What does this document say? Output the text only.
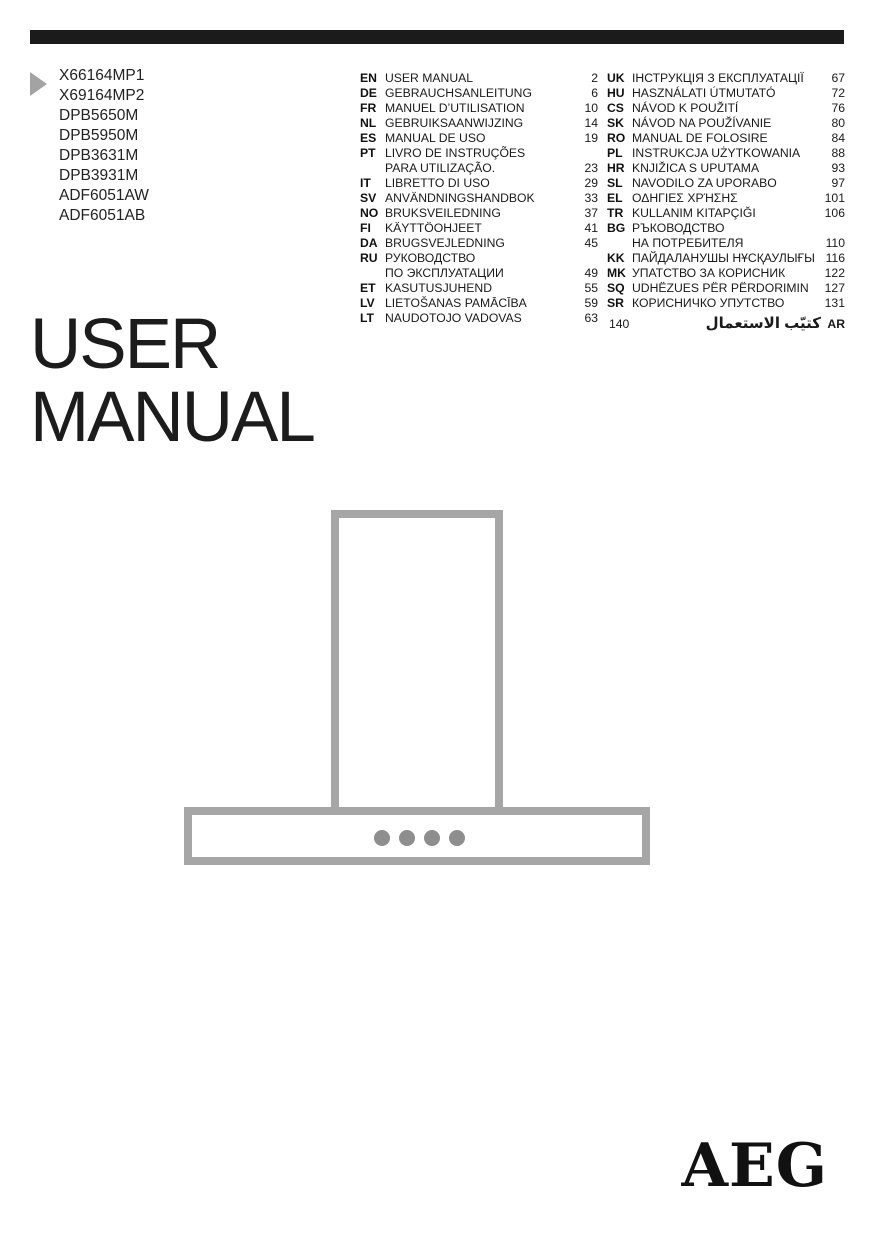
X66164MP1
X69164MP2
DPB5650M
DPB5950M
DPB3631M
DPB3931M
ADF6051AW
ADF6051AB
USER
MANUAL
EN USER MANUAL	2
DE GEBRAUCHSANLEITUNG	6
FR MANUEL D’UTILISATION	10
NL GEBRUIKSAANWIJZING	14
ES MANUAL DE USO	19
PT LIVRO DE INSTRUÇÕES
PARA UTILIZAÇÃO.	23
IT LIBRETTO DI USO	29
SV ANVÄNDNINGSHANDBOK	33
NO BRUKSVEILEDNING	37
FI KÄYTTÖOHJEET	41
DA BRUGSVEJLEDNING	45
RU РУКОВОДСТВО
ПО ЭКСПЛУАТАЦИИ	49
ET KASUTUSJUHEND	55
LV LIETOŠANAS PAMĀCĪBA	59
LT NAUDOTOJO VADOVAS	63
UK ІНСТРУКЦІЯ З ЕКСПЛУАТАЦІЇ 67
HU HASZNÁLATI ÚTMUTATÓ	72
CS NÁVOD K POUŽITÍ	76
SK NÁVOD NA POUŽÍVANIE	80
RO MANUAL DE FOLOSIRE	84
PL INSTRUKCJA UŻYTKOWANIA	88
HR KNJIŽICA S UPUTAMA	93
SL NAVODILO ZA UPORABO	97
EL ΟΔΗΓΙΕΣ ΧΡΉΣΗΣ	101
TR KULLANIM KITAPÇIĞI	106
BG РЪКОВОДСТВО
НА ПОТРЕБИТЕЛЯ	110
KK ПАЙДАЛАНУШЫ НҰСҚАУЛЫҒЫ 116
MK УПАТСТВО ЗА КОРИСНИК	122
SQ UDHËZUES PËR PËRDORIMIN 127
SR КОРИСНИЧКО УПУТСТВО	131
140	كتيّب الاستعمال AR
AEG
